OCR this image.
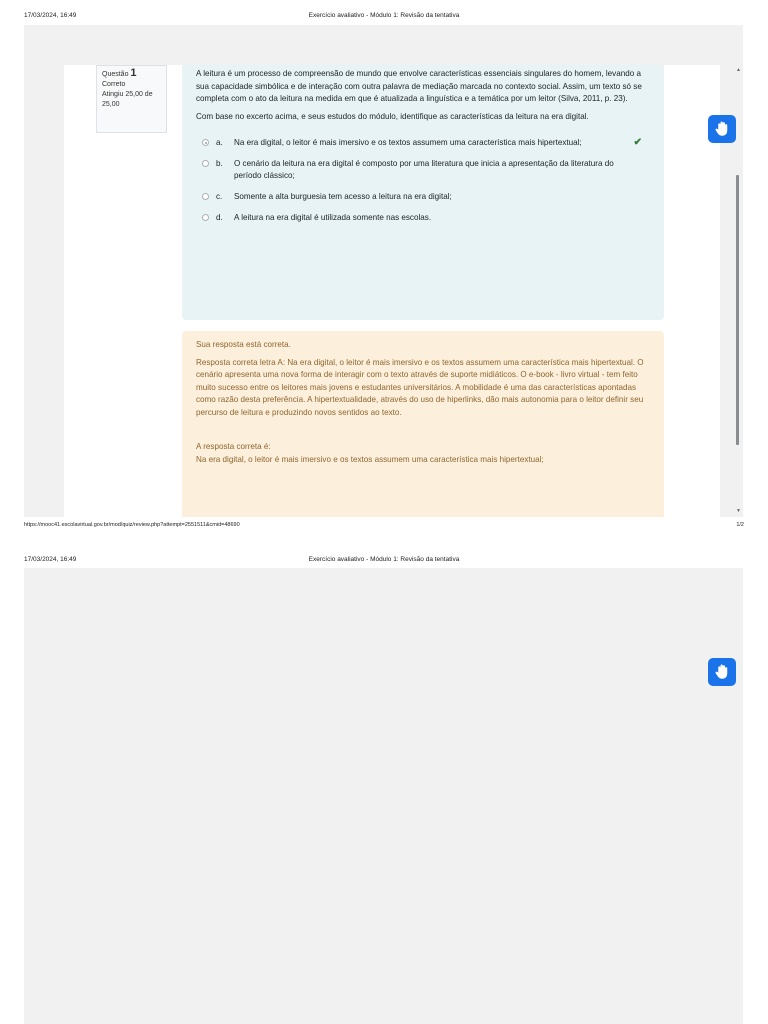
17/03/2024, 16:49	Exercício avaliativo - Módulo 1: Revisão da tentativa
Questão 1
Correto
Atingiu 25,00 de 25,00

A leitura é um processo de compreensão de mundo que envolve características essenciais singulares do homem, levando a sua capacidade simbólica e de interação com outra palavra de mediação marcada no contexto social. Assim, um texto só se completa com o ato da leitura na medida em que é atualizada a linguística e a temática por um leitor (Silva, 2011, p. 23).

Com base no excerto acima, e seus estudos do módulo, identifique as características da leitura na era digital.

a. Na era digital, o leitor é mais imersivo e os textos assumem uma característica mais hipertextual;	✔
b. O cenário da leitura na era digital é composto por uma literatura que inicia a apresentação da literatura do período clássico;
c. Somente a alta burguesia tem acesso a leitura na era digital;
d. A leitura na era digital é utilizada somente nas escolas.

Sua resposta está correta.

Resposta correta letra A: Na era digital, o leitor é mais imersivo e os textos assumem uma característica mais hipertextual. O cenário apresenta uma nova forma de interagir com o texto através de suporte midiáticos. O e-book - livro virtual - tem feito muito sucesso entre os leitores mais jovens e estudantes universitários. A mobilidade é uma das características apontadas como razão desta preferência. A hipertextualidade, através do uso de hiperlinks, dão mais autonomia para o leitor definir seu percurso de leitura e produzindo novos sentidos ao texto.

A resposta correta é:

Na era digital, o leitor é mais imersivo e os textos assumem uma característica mais hipertextual;

▲
▼
https://mooc41.escolavirtual.gov.br/mod/quiz/review.php?attempt=2551511&cmid=48690	1/2
17/03/2024, 16:49	Exercício avaliativo - Módulo 1: Revisão da tentativa
